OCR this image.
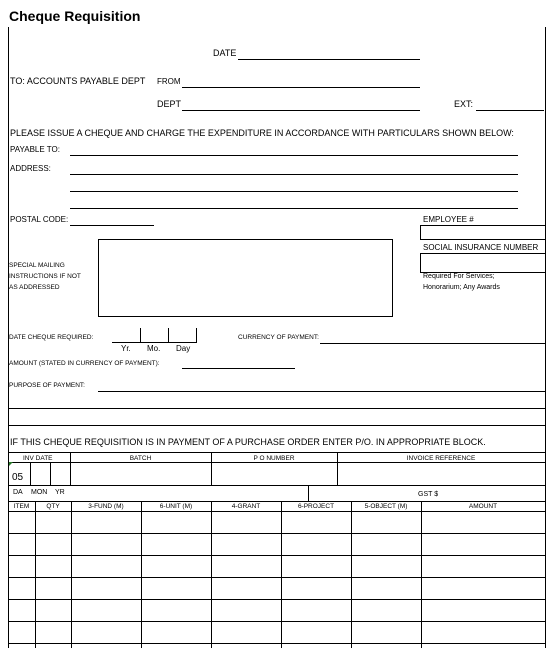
Cheque Requisition
DATE
TO: ACCOUNTS PAYABLE DEPT FROM
DEPT	EXT:
PLEASE ISSUE A CHEQUE AND CHARGE THE EXPENDITURE IN ACCORDANCE WITH PARTICULARS SHOWN BELOW:
PAYABLE TO:
ADDRESS:
POSTAL CODE:	EMPLOYEE #
SOCIAL INSURANCE NUMBER
Required For Services;
Honorarium; Any Awards
SPECIAL MAILING
INSTRUCTIONS IF NOT
AS ADDRESSED
DATE CHEQUE REQUIRED:
Yr. Mo. Day
CURRENCY OF PAYMENT:
AMOUNT (STATED IN CURRENCY OF PAYMENT):
PURPOSE OF PAYMENT:
IF THIS CHEQUE REQUISITION IS IN PAYMENT OF A PURCHASE ORDER ENTER P/O. IN APPROPRIATE BLOCK.
INV DATE	BATCH	P O NUMBER	INVOICE REFERENCE
05
DA MON YR	GST $
ITEM	QTY	3-FUND (M)	6-UNIT (M)	4-GRANT	6-PROJECT	5-OBJECT (M)	AMOUNT
